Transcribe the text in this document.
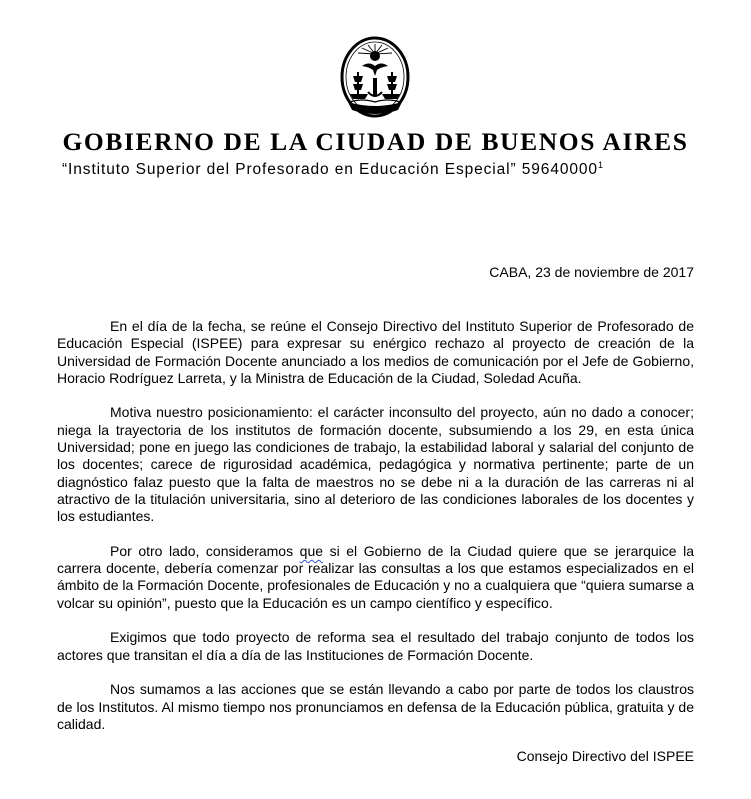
GOBIERNO DE LA CIUDAD DE BUENOS AIRES
“Instituto Superior del Profesorado en Educación Especial” 59640000$^1$
CABA, 23 de noviembre de 2017

En el día de la fecha, se reúne el Consejo Directivo del Instituto Superior de Profesorado de Educación Especial (ISPEE) para expresar su enérgico rechazo al proyecto de creación de la Universidad de Formación Docente anunciado a los medios de comunicación por el Jefe de Gobierno, Horacio Rodríguez Larreta, y la Ministra de Educación de la Ciudad, Soledad Acuña.

Motiva nuestro posicionamiento: el carácter inconsulto del proyecto, aún no dado a conocer; niega la trayectoria de los institutos de formación docente, subsumiendo a los 29, en esta única Universidad; pone en juego las condiciones de trabajo, la estabilidad laboral y salarial del conjunto de los docentes; carece de rigurosidad académica, pedagógica y normativa pertinente; parte de un diagnóstico falaz puesto que la falta de maestros no se debe ni a la duración de las carreras ni al atractivo de la titulación universitaria, sino al deterioro de las condiciones laborales de los docentes y los estudiantes.

Por otro lado, consideramos que si el Gobierno de la Ciudad quiere que se jerarquice la carrera docente, debería comenzar por realizar las consultas a los que estamos especializados en el ámbito de la Formación Docente, profesionales de Educación y no a cualquiera que “quiera sumarse a volcar su opinión”, puesto que la Educación es un campo científico y específico.

Exigimos que todo proyecto de reforma sea el resultado del trabajo conjunto de todos los actores que transitan el día a día de las Instituciones de Formación Docente.

Nos sumamos a las acciones que se están llevando a cabo por parte de todos los claustros de los Institutos. Al mismo tiempo nos pronunciamos en defensa de la Educación pública, gratuita y de calidad.

Consejo Directivo del ISPEE
